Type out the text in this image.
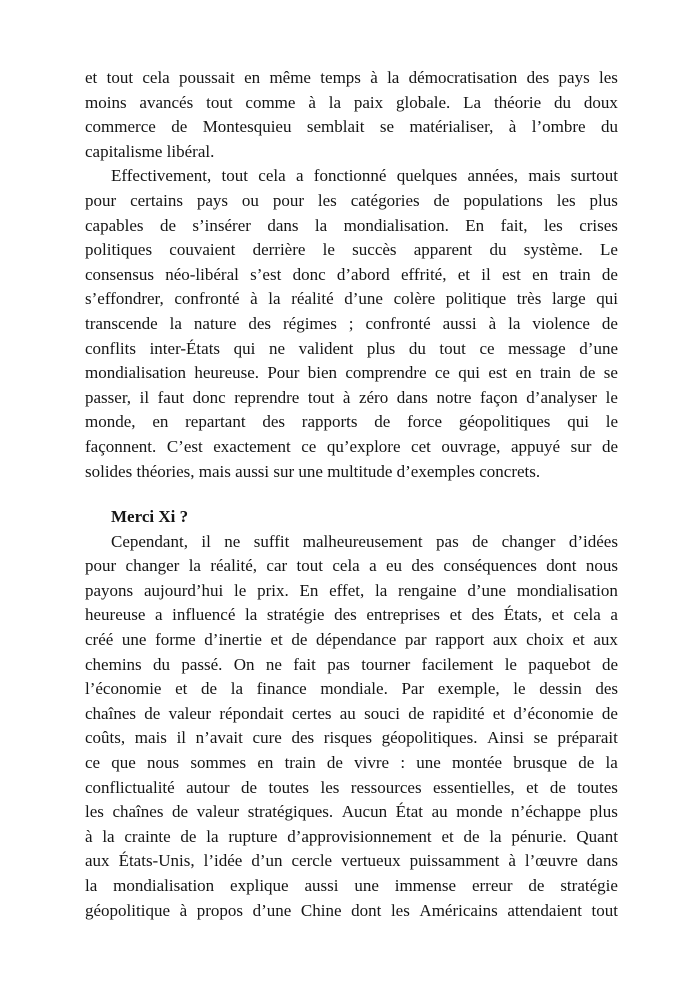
et tout cela poussait en même temps à la démocratisation des pays les
moins avancés tout comme à la paix globale. La théorie du doux
commerce de Montesquieu semblait se matérialiser, à l’ombre du
capitalisme libéral.
Effectivement, tout cela a fonctionné quelques années, mais surtout
pour certains pays ou pour les catégories de populations les plus
capables de s’insérer dans la mondialisation. En fait, les crises
politiques couvaient derrière le succès apparent du système. Le
consensus néo-libéral s’est donc d’abord effrité, et il est en train de
s’effondrer, confronté à la réalité d’une colère politique très large qui
transcende la nature des régimes ; confronté aussi à la violence de
conflits inter-États qui ne valident plus du tout ce message d’une
mondialisation heureuse. Pour bien comprendre ce qui est en train de se
passer, il faut donc reprendre tout à zéro dans notre façon d’analyser le
monde, en repartant des rapports de force géopolitiques qui le
façonnent. C’est exactement ce qu’explore cet ouvrage, appuyé sur de
solides théories, mais aussi sur une multitude d’exemples concrets.
Merci Xi ?
Cependant, il ne suffit malheureusement pas de changer d’idées
pour changer la réalité, car tout cela a eu des conséquences dont nous
payons aujourd’hui le prix. En effet, la rengaine d’une mondialisation
heureuse a influencé la stratégie des entreprises et des États, et cela a
créé une forme d’inertie et de dépendance par rapport aux choix et aux
chemins du passé. On ne fait pas tourner facilement le paquebot de
l’économie et de la finance mondiale. Par exemple, le dessin des
chaînes de valeur répondait certes au souci de rapidité et d’économie de
coûts, mais il n’avait cure des risques géopolitiques. Ainsi se préparait
ce que nous sommes en train de vivre : une montée brusque de la
conflictualité autour de toutes les ressources essentielles, et de toutes
les chaînes de valeur stratégiques. Aucun État au monde n’échappe plus
à la crainte de la rupture d’approvisionnement et de la pénurie. Quant
aux États-Unis, l’idée d’un cercle vertueux puissamment à l’œuvre dans
la mondialisation explique aussi une immense erreur de stratégie
géopolitique à propos d’une Chine dont les Américains attendaient tout
